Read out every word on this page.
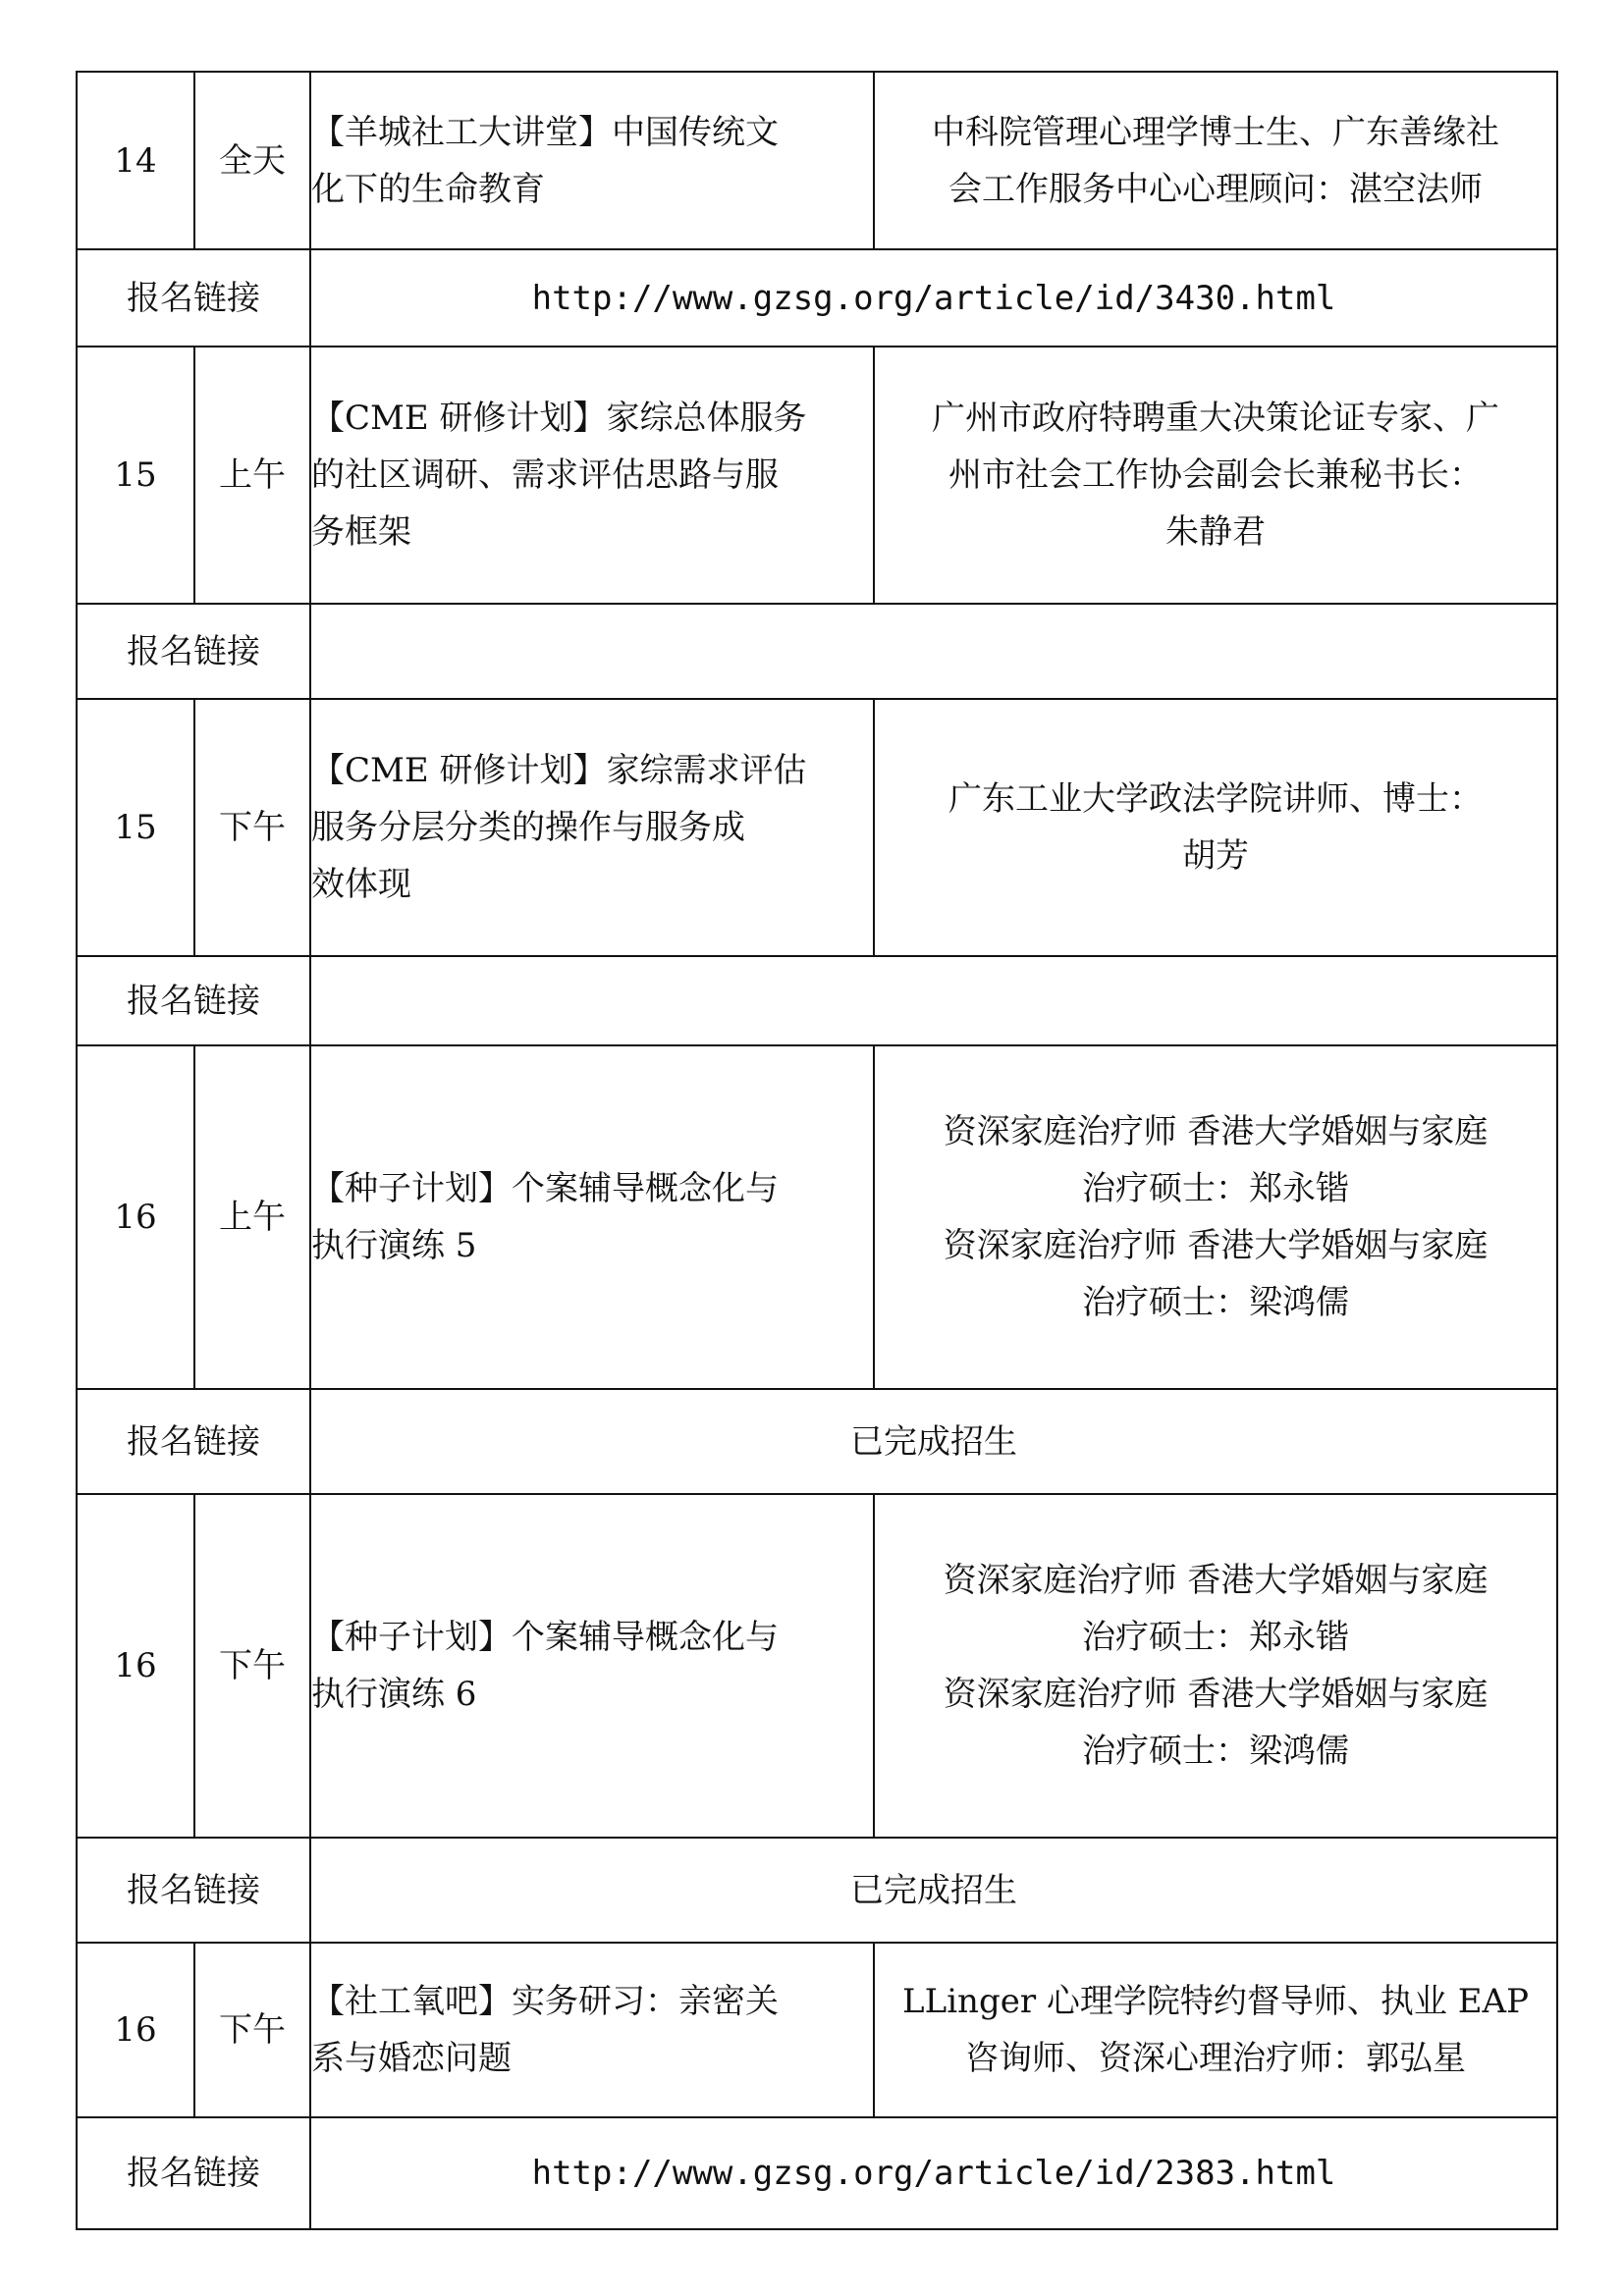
14	全天	【羊城社工大讲堂】中国传统文
化下的生命教育	中科院管理心理学博士生、广东善缘社
会工作服务中心心理顾问：湛空法师

报名链接		http://www.gzsg.org/article/id/3430.html	
15	上午	【CME 研修计划】家综总体服务
的社区调研、需求评估思路与服
务框架	广州市政府特聘重大决策论证专家、广
州市社会工作协会副会长兼秘书长：
朱静君

报名链接			
15	下午	【CME 研修计划】家综需求评估
服务分层分类的操作与服务成
效体现	广东工业大学政法学院讲师、博士：
胡芳

报名链接			
16	上午	【种子计划】个案辅导概念化与
执行演练 5	资深家庭治疗师 香港大学婚姻与家庭
治疗硕士：郑永锴
资深家庭治疗师 香港大学婚姻与家庭
治疗硕士：梁鸿儒

报名链接		已完成招生	
16	下午	【种子计划】个案辅导概念化与
执行演练 6	资深家庭治疗师 香港大学婚姻与家庭
治疗硕士：郑永锴
资深家庭治疗师 香港大学婚姻与家庭
治疗硕士：梁鸿儒

报名链接		已完成招生	
16	下午	【社工氧吧】实务研习：亲密关
系与婚恋问题	LLinger 心理学院特约督导师、执业 EAP
咨询师、资深心理治疗师：郭弘星

报名链接		http://www.gzsg.org/article/id/2383.html	
